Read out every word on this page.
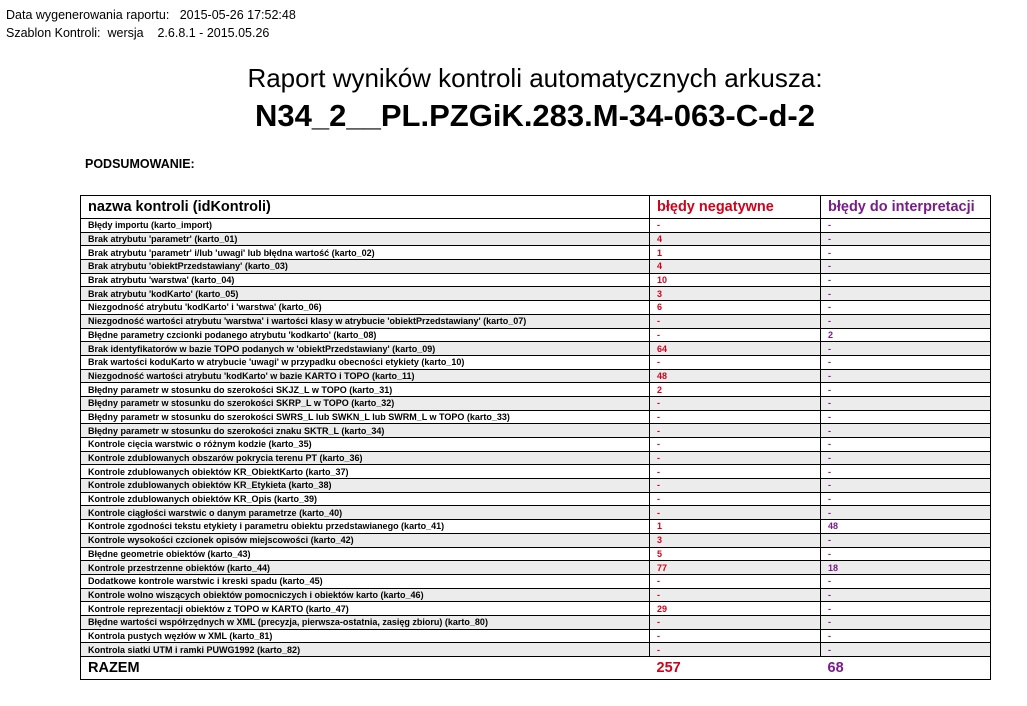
Data wygenerowania raportu: 2015-05-26 17:52:48
Szablon Kontroli: wersja    2.6.8.1 - 2015.05.26
Raport wyników kontroli automatycznych arkusza:
N34_2__PL.PZGiK.283.M-34-063-C-d-2
PODSUMOWANIE:
nazwa kontroli (idKontroli)	błędy negatywne	błędy do interpretacji
Błędy importu (karto_import)	-	-
Brak atrybutu 'parametr' (karto_01)	4	-
Brak atrybutu 'parametr' i/lub 'uwagi' lub błędna wartość (karto_02)	1	-
Brak atrybutu 'obiektPrzedstawiany' (karto_03)	4	-
Brak atrybutu 'warstwa' (karto_04)	10	-
Brak atrybutu 'kodKarto' (karto_05)	3	-
Niezgodność atrybutu 'kodKarto' i 'warstwa' (karto_06)	6	-
Niezgodność wartości atrybutu 'warstwa' i wartości klasy w atrybucie 'obiektPrzedstawiany' (karto_07)	-	-
Błędne parametry czcionki podanego atrybutu 'kodkarto' (karto_08)	-	2
Brak identyfikatorów w bazie TOPO podanych w 'obiektPrzedstawiany' (karto_09)	64	-
Brak wartości koduKarto w atrybucie 'uwagi' w przypadku obecności etykiety (karto_10)	-	-
Niezgodność wartości atrybutu 'kodKarto' w bazie KARTO i TOPO (karto_11)	48	-
Błędny parametr w stosunku do szerokości SKJZ_L w TOPO (karto_31)	2	-
Błędny parametr w stosunku do szerokości SKRP_L w TOPO (karto_32)	-	-
Błędny parametr w stosunku do szerokości SWRS_L lub SWKN_L lub SWRM_L w TOPO (karto_33)	-	-
Błędny parametr w stosunku do szerokości znaku SKTR_L (karto_34)	-	-
Kontrole cięcia warstwic o różnym kodzie (karto_35)	-	-
Kontrole zdublowanych obszarów pokrycia terenu PT (karto_36)	-	-
Kontrole zdublowanych obiektów KR_ObiektKarto (karto_37)	-	-
Kontrole zdublowanych obiektów KR_Etykieta (karto_38)	-	-
Kontrole zdublowanych obiektów KR_Opis (karto_39)	-	-
Kontrole ciągłości warstwic o danym parametrze (karto_40)	-	-
Kontrole zgodności tekstu etykiety i parametru obiektu przedstawianego (karto_41)	1	48
Kontrole wysokości czcionek opisów miejscowości (karto_42)	3	-
Błędne geometrie obiektów (karto_43)	5	-
Kontrole przestrzenne obiektów (karto_44)	77	18
Dodatkowe kontrole warstwic i kreski spadu (karto_45)	-	-
Kontrole wolno wiszących obiektów pomocniczych i obiektów karto (karto_46)	-	-
Kontrole reprezentacji obiektów z TOPO w KARTO (karto_47)	29	-
Błędne wartości współrzędnych w XML (precyzja, pierwsza-ostatnia, zasięg zbioru) (karto_80)	-	-
Kontrola pustych węzłów w XML (karto_81)	-	-
Kontrola siatki UTM i ramki PUWG1992 (karto_82)	-	-
RAZEM	257	68
